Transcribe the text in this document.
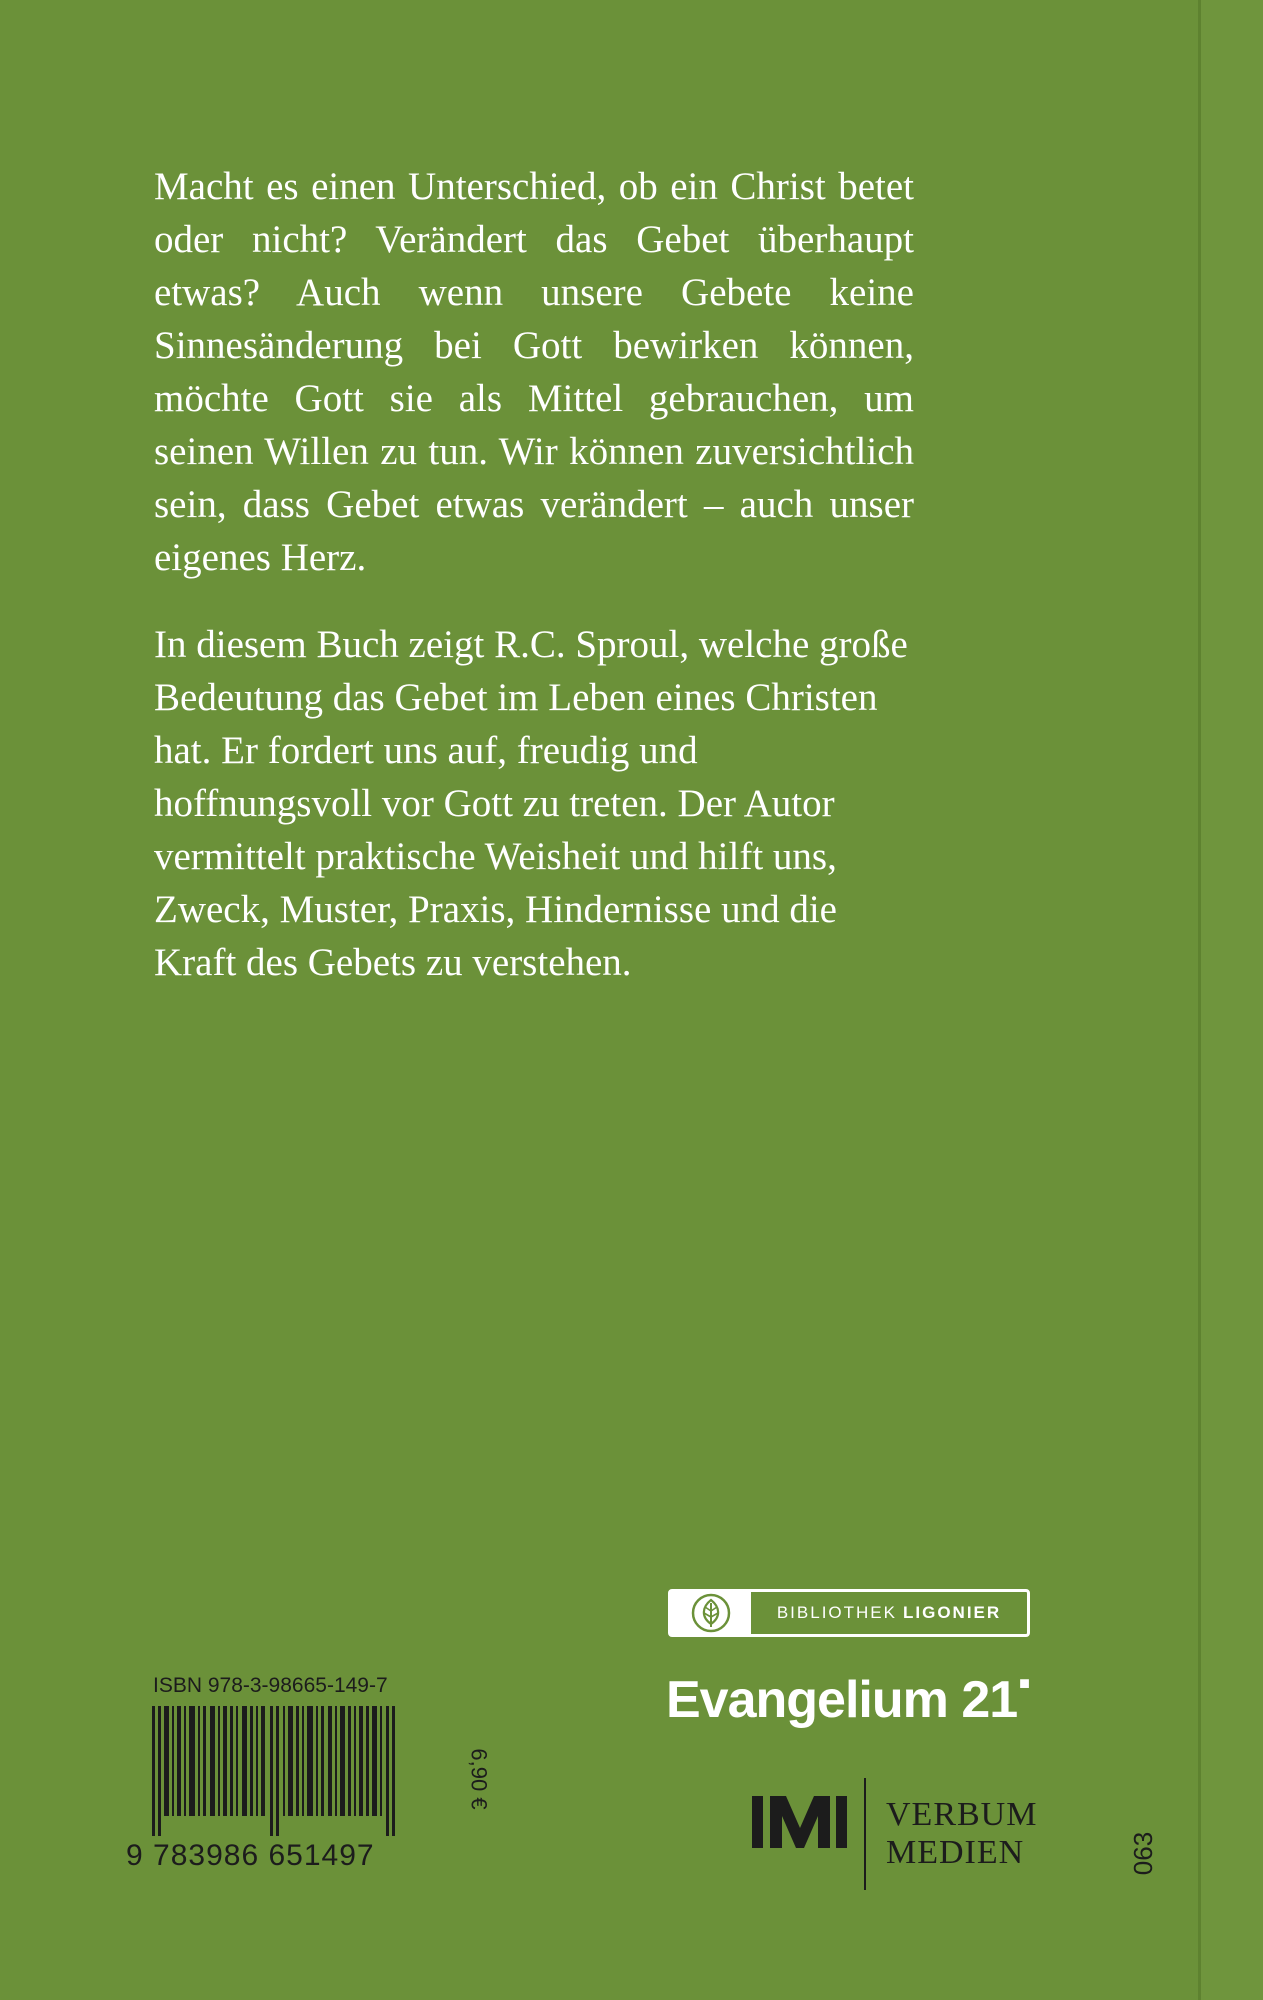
Macht es einen Unterschied, ob ein Christ betet oder nicht? Verändert das Gebet überhaupt etwas? Auch wenn unsere Gebete keine Sinnesänderung bei Gott bewirken können, möchte Gott sie als Mittel gebrauchen, um seinen Willen zu tun. Wir können zuversichtlich sein, dass Gebet etwas verändert – auch unser eigenes Herz.

In diesem Buch zeigt R.C. Sproul, welche große Bedeutung das Gebet im Leben eines Christen hat. Er fordert uns auf, freudig und hoffnungsvoll vor Gott zu treten. Der Autor vermittelt praktische Weisheit und hilft uns, Zweck, Muster, Praxis, Hindernisse und die Kraft des Gebets zu verstehen.

BIBLIOTHEK LIGONIER
Evangelium 21 ■
VERBUM
MEDIEN	063
ISBN 978-3-98665-149-7
9 783986 651497
6,90 €
